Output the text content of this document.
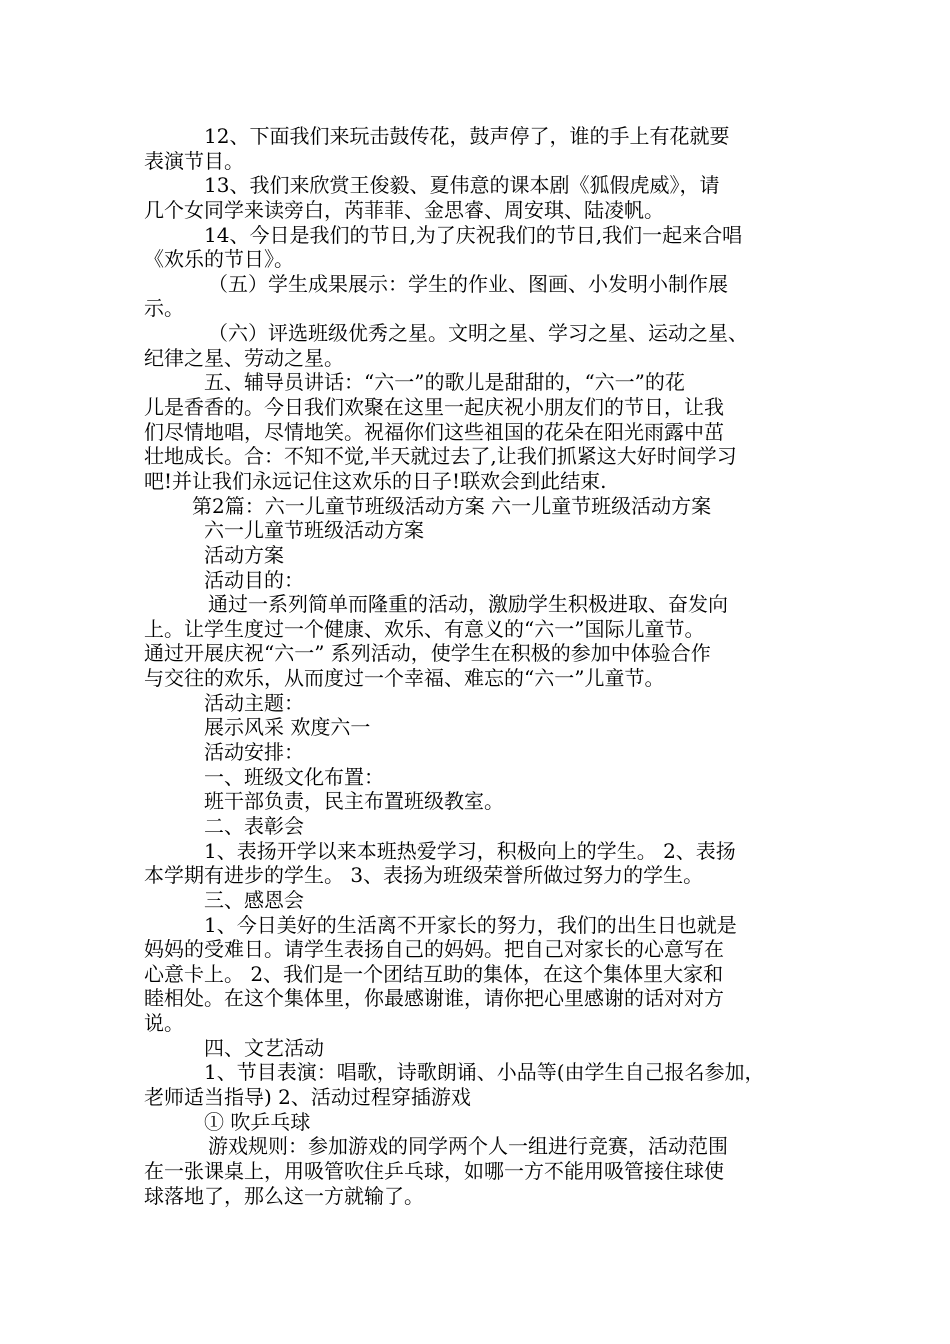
12、下面我们来玩击鼓传花，鼓声停了，谁的手上有花就要
表演节目。
13、我们来欣赏王俊毅、夏伟意的课本剧《狐假虎威》，请
几个女同学来读旁白，芮菲菲、金思睿、周安琪、陆凌帆。
14、今日是我们的节日,为了庆祝我们的节日,我们一起来合唱
《欢乐的节日》。
（五）学生成果展示：学生的作业、图画、小发明小制作展
示。
（六）评选班级优秀之星。文明之星、学习之星、运动之星、
纪律之星、劳动之星。
五、辅导员讲话：“六一”的歌儿是甜甜的，“六一”的花
儿是香香的。今日我们欢聚在这里一起庆祝小朋友们的节日，让我
们尽情地唱，尽情地笑。祝福你们这些祖国的花朵在阳光雨露中茁
壮地成长。合：不知不觉,半天就过去了,让我们抓紧这大好时间学习
吧!并让我们永远记住这欢乐的日子!联欢会到此结束.
第2篇：六一儿童节班级活动方案 六一儿童节班级活动方案
六一儿童节班级活动方案
活动方案
活动目的：
通过一系列简单而隆重的活动，激励学生积极进取、奋发向
上。让学生度过一个健康、欢乐、有意义的“六一”国际儿童节。
通过开展庆祝“六一” 系列活动，使学生在积极的参加中体验合作
与交往的欢乐，从而度过一个幸福、难忘的“六一”儿童节。
活动主题：
展示风采 欢度六一
活动安排：
一、班级文化布置：
班干部负责，民主布置班级教室。
二、表彰会
1、表扬开学以来本班热爱学习，积极向上的学生。 2、表扬
本学期有进步的学生。 3、表扬为班级荣誉所做过努力的学生。
三、感恩会
1、今日美好的生活离不开家长的努力，我们的出生日也就是
妈妈的受难日。请学生表扬自己的妈妈。把自己对家长的心意写在
心意卡上。 2、我们是一个团结互助的集体，在这个集体里大家和
睦相处。在这个集体里，你最感谢谁，请你把心里感谢的话对对方
说。
四、文艺活动
1、节目表演：唱歌，诗歌朗诵、小品等(由学生自己报名参加，
老师适当指导) 2、活动过程穿插游戏
① 吹乒乓球
游戏规则：参加游戏的同学两个人一组进行竞赛，活动范围
在一张课桌上，用吸管吹住乒乓球，如哪一方不能用吸管接住球使
球落地了，那么这一方就输了。
